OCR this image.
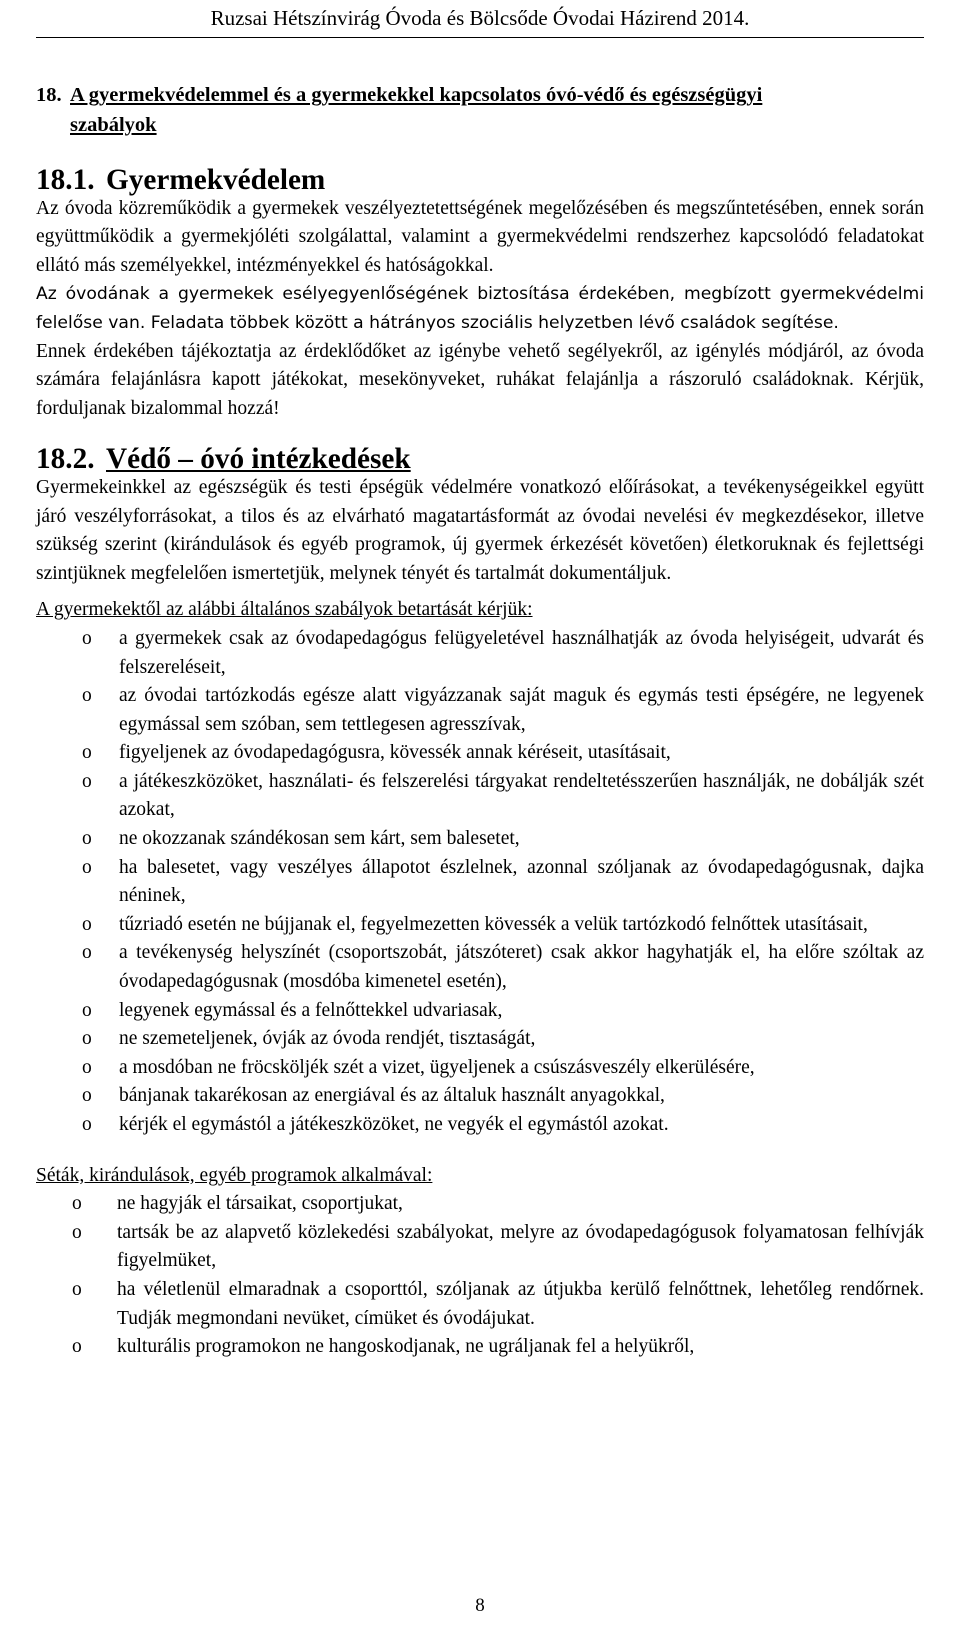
Ruzsai Hétszínvirág Óvoda és Bölcsőde Óvodai Házirend 2014.
18. A gyermekvédelemmel és a gyermekekkel kapcsolatos óvó-védő és egészségügyi
szabályok
18.1. Gyermekvédelem

Az óvoda közreműködik a gyermekek veszélyeztetettségének megelőzésében és megszűntetésében, ennek során együttműködik a gyermekjóléti szolgálattal, valamint a gyermekvédelmi rendszerhez kapcsolódó feladatokat ellátó más személyekkel, intézményekkel és hatóságokkal.

Az óvodának a gyermekek esélyegyenlőségének biztosítása érdekében, megbízott gyermekvédelmi felelőse van. Feladata többek között a hátrányos szociális helyzetben lévő családok segítése.

Ennek érdekében tájékoztatja az érdeklődőket az igénybe vehető segélyekről, az igénylés módjáról, az óvoda számára felajánlásra kapott játékokat, mesekönyveket, ruhákat felajánlja a rászoruló családoknak. Kérjük, forduljanak bizalommal hozzá!

18.2. Védő – óvó intézkedések

Gyermekeinkkel az egészségük és testi épségük védelmére vonatkozó előírásokat, a tevékenységeikkel együtt járó veszélyforrásokat, a tilos és az elvárható magatartásformát az óvodai nevelési év megkezdésekor, illetve szükség szerint (kirándulások és egyéb programok, új gyermek érkezését követően) életkoruknak és fejlettségi szintjüknek megfelelően ismertetjük, melynek tényét és tartalmát dokumentáljuk.

A gyermekektől az alábbi általános szabályok betartását kérjük:

o a gyermekek csak az óvodapedagógus felügyeletével használhatják az óvoda helyiségeit, udvarát és felszereléseit,
o az óvodai tartózkodás egésze alatt vigyázzanak saját maguk és egymás testi épségére, ne legyenek egymással sem szóban, sem tettlegesen agresszívak,
o figyeljenek az óvodapedagógusra, kövessék annak kéréseit, utasításait,
o a játékeszközöket, használati- és felszerelési tárgyakat rendeltetésszerűen használják, ne dobálják szét azokat,
o ne okozzanak szándékosan sem kárt, sem balesetet,
o ha balesetet, vagy veszélyes állapotot észlelnek, azonnal szóljanak az óvodapedagógusnak, dajka néninek,
o tűzriadó esetén ne bújjanak el, fegyelmezetten kövessék a velük tartózkodó felnőttek utasításait,
o a tevékenység helyszínét (csoportszobát, játszóteret) csak akkor hagyhatják el, ha előre szóltak az óvodapedagógusnak (mosdóba kimenetel esetén),
o legyenek egymással és a felnőttekkel udvariasak,
o ne szemeteljenek, óvják az óvoda rendjét, tisztaságát,
o a mosdóban ne fröcsköljék szét a vizet, ügyeljenek a csúszásveszély elkerülésére,
o bánjanak takarékosan az energiával és az általuk használt anyagokkal,
o kérjék el egymástól a játékeszközöket, ne vegyék el egymástól azokat.

Séták, kirándulások, egyéb programok alkalmával:

o ne hagyják el társaikat, csoportjukat,
o tartsák be az alapvető közlekedési szabályokat, melyre az óvodapedagógusok folyamatosan felhívják figyelmüket,
o ha véletlenül elmaradnak a csoporttól, szóljanak az útjukba kerülő felnőttnek, lehetőleg rendőrnek. Tudják megmondani nevüket, címüket és óvodájukat.
o kulturális programokon ne hangoskodjanak, ne ugráljanak fel a helyükről,
8
